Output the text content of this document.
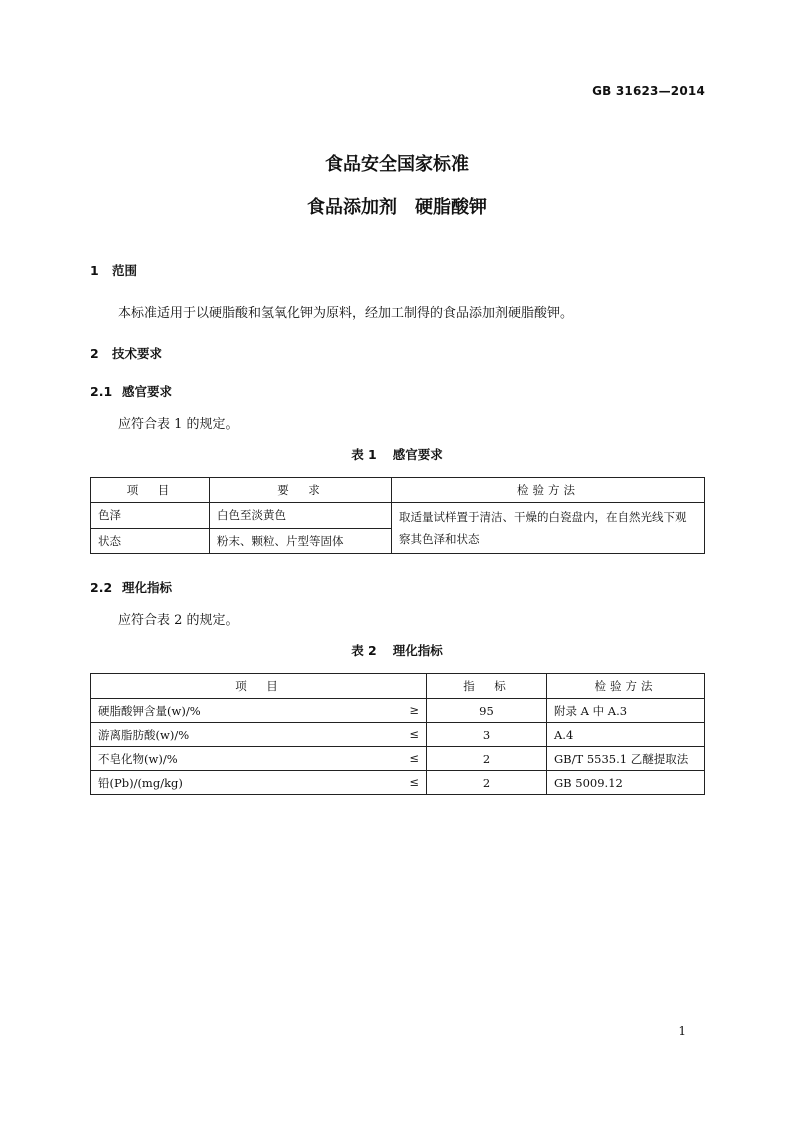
GB 31623—2014
食品安全国家标准
食品添加剂　硬脂酸钾
1 范围
本标准适用于以硬脂酸和氢氧化钾为原料，经加工制得的食品添加剂硬脂酸钾。
2 技术要求
2.1 感官要求
应符合表 1 的规定。
表 1 感官要求
项　目	要　求	检验方法
色泽	白色至淡黄色	取适量试样置于清洁、干燥的白瓷盘内，在自然光线下观察其色泽和状态
状态	粉末、颗粒、片型等固体	
2.2 理化指标
应符合表 2 的规定。
表 2 理化指标
项　目	指　标	检验方法
硬脂酸钾含量(w)/% ≥	95	附录 A 中 A.3
游离脂肪酸(w)/% ≤	3	A.4
不皂化物(w)/% ≤	2	GB/T 5535.1 乙醚提取法
铅(Pb)/(mg/kg) ≤	2	GB 5009.12
1
